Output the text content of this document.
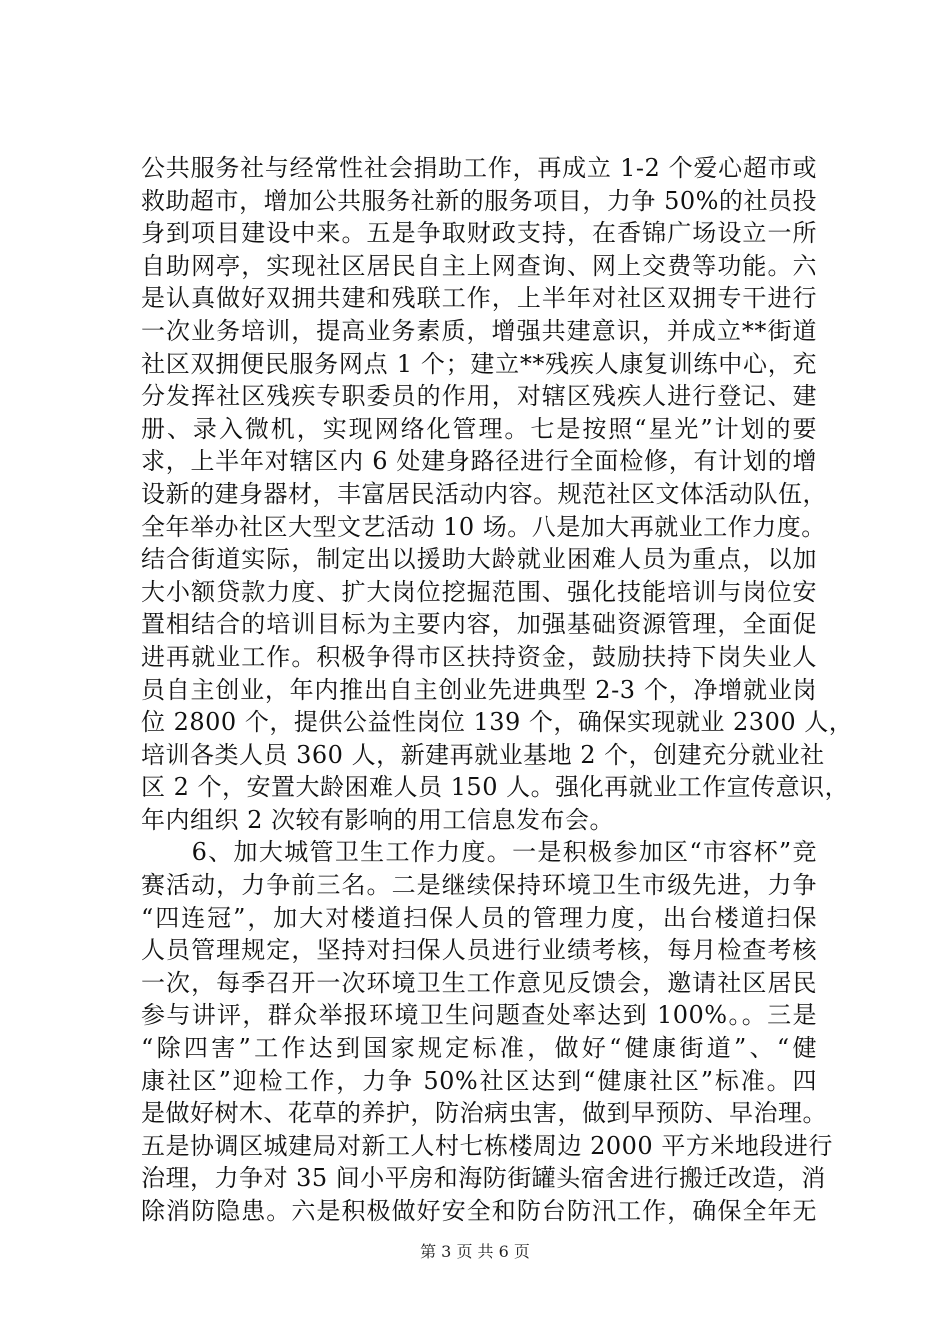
公共服务社与经常性社会捐助工作，再成立 1-2 个爱心超市或
救助超市，增加公共服务社新的服务项目，力争 50%的社员投
身到项目建设中来。五是争取财政支持，在香锦广场设立一所
自助网亭，实现社区居民自主上网查询、网上交费等功能。六
是认真做好双拥共建和残联工作，上半年对社区双拥专干进行
一次业务培训，提高业务素质，增强共建意识，并成立**街道
社区双拥便民服务网点 1 个；建立**残疾人康复训练中心，充
分发挥社区残疾专职委员的作用，对辖区残疾人进行登记、建
册、录入微机，实现网络化管理。七是按照“星光”计划的要
求，上半年对辖区内 6 处建身路径进行全面检修，有计划的增
设新的建身器材，丰富居民活动内容。规范社区文体活动队伍，
全年举办社区大型文艺活动 10 场。八是加大再就业工作力度。
结合街道实际，制定出以援助大龄就业困难人员为重点，以加
大小额贷款力度、扩大岗位挖掘范围、强化技能培训与岗位安
置相结合的培训目标为主要内容，加强基础资源管理，全面促
进再就业工作。积极争得市区扶持资金，鼓励扶持下岗失业人
员自主创业，年内推出自主创业先进典型 2-3 个，净增就业岗
位 2800 个，提供公益性岗位 139 个，确保实现就业 2300 人，
培训各类人员 360 人，新建再就业基地 2 个，创建充分就业社
区 2 个，安置大龄困难人员 150 人。强化再就业工作宣传意识，
年内组织 2 次较有影响的用工信息发布会。
　　6、加大城管卫生工作力度。一是积极参加区“市容杯”竞
赛活动，力争前三名。二是继续保持环境卫生市级先进，力争
“四连冠”，加大对楼道扫保人员的管理力度，出台楼道扫保
人员管理规定，坚持对扫保人员进行业绩考核，每月检查考核
一次，每季召开一次环境卫生工作意见反馈会，邀请社区居民
参与讲评，群众举报环境卫生问题查处率达到 100%。。三是
“除四害”工作达到国家规定标准，做好“健康街道”、“健
康社区”迎检工作，力争 50%社区达到“健康社区”标准。四
是做好树木、花草的养护，防治病虫害，做到早预防、早治理。
五是协调区城建局对新工人村七栋楼周边 2000 平方米地段进行
治理，力争对 35 间小平房和海防街罐头宿舍进行搬迁改造，消
除消防隐患。六是积极做好安全和防台防汛工作，确保全年无
第 3 页 共 6 页
